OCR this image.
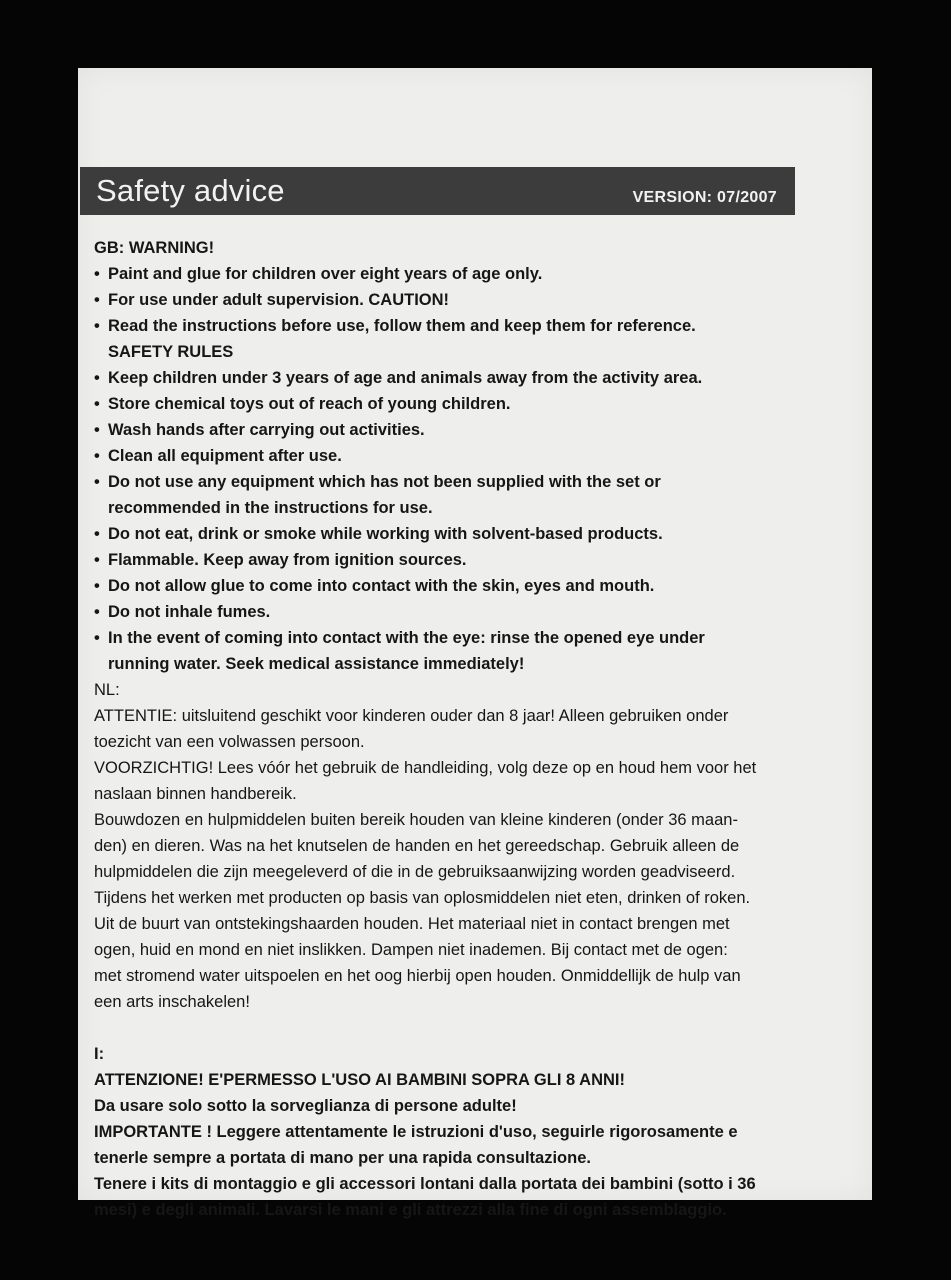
Safety advice	VERSION: 07/2007
GB: WARNING!
• Paint and glue for children over eight years of age only.
• For use under adult supervision. CAUTION!
• Read the instructions before use, follow them and keep them for reference.
SAFETY RULES
• Keep children under 3 years of age and animals away from the activity area.
• Store chemical toys out of reach of young children.
• Wash hands after carrying out activities.
• Clean all equipment after use.
• Do not use any equipment which has not been supplied with the set or
recommended in the instructions for use.
• Do not eat, drink or smoke while working with solvent-based products.
• Flammable. Keep away from ignition sources.
• Do not allow glue to come into contact with the skin, eyes and mouth.
• Do not inhale fumes.
• In the event of coming into contact with the eye: rinse the opened eye under
running water. Seek medical assistance immediately!
NL:
ATTENTIE: uitsluitend geschikt voor kinderen ouder dan 8 jaar! Alleen gebruiken onder
toezicht van een volwassen persoon.
VOORZICHTIG! Lees vóór het gebruik de handleiding, volg deze op en houd hem voor het
naslaan binnen handbereik.
Bouwdozen en hulpmiddelen buiten bereik houden van kleine kinderen (onder 36 maan-
den) en dieren. Was na het knutselen de handen en het gereedschap. Gebruik alleen de
hulpmiddelen die zijn meegeleverd of die in de gebruiksaanwijzing worden geadviseerd.
Tijdens het werken met producten op basis van oplosmiddelen niet eten, drinken of roken.
Uit de buurt van ontstekingshaarden houden. Het materiaal niet in contact brengen met
ogen, huid en mond en niet inslikken. Dampen niet inademen. Bij contact met de ogen:
met stromend water uitspoelen en het oog hierbij open houden. Onmiddellijk de hulp van
een arts inschakelen!
I:
ATTENZIONE! E'PERMESSO L'USO AI BAMBINI SOPRA GLI 8 ANNI!
Da usare solo sotto la sorveglianza di persone adulte!
IMPORTANTE ! Leggere attentamente le istruzioni d'uso, seguirle rigorosamente e
tenerle sempre a portata di mano per una rapida consultazione.
Tenere i kits di montaggio e gli accessori lontani dalla portata dei bambini (sotto i 36
mesi) e degli animali. Lavarsi le mani e gli attrezzi alla fine di ogni assemblaggio.
